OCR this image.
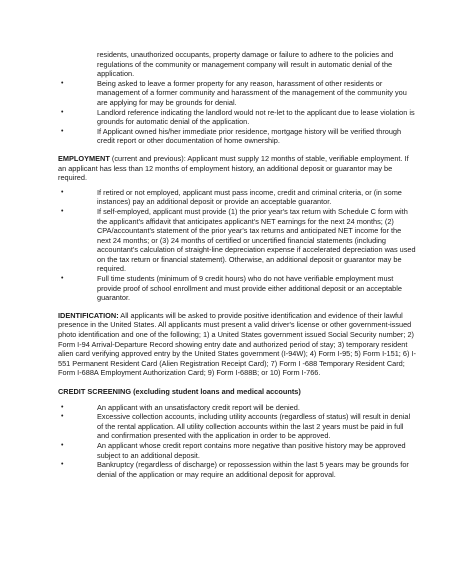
residents, unauthorized occupants, property damage or failure to adhere to the policies and regulations of the community or management company will result in automatic denial of the application.
• Being asked to leave a former property for any reason, harassment of other residents or management of a former community and harassment of the management of the community you are applying for may be grounds for denial.
• Landlord reference indicating the landlord would not re-let to the applicant due to lease violation is grounds for automatic denial of the application.
• If Applicant owned his/her immediate prior residence, mortgage history will be verified through credit report or other documentation of home ownership.

EMPLOYMENT (current and previous): Applicant must supply 12 months of stable, verifiable employment. If an applicant has less than 12 months of employment history, an additional deposit or guarantor may be required.

• If retired or not employed, applicant must pass income, credit and criminal criteria, or (in some instances) pay an additional deposit or provide an acceptable guarantor.
• If self-employed, applicant must provide (1) the prior year's tax return with Schedule C form with the applicant's affidavit that anticipates applicant's NET earnings for the next 24 months; (2) CPA/accountant's statement of the prior year's tax returns and anticipated NET income for the next 24 months; or (3) 24 months of certified or uncertified financial statements (including accountant's calculation of straight-line depreciation expense if accelerated depreciation was used on the tax return or financial statement). Otherwise, an additional deposit or guarantor may be required.
• Full time students (minimum of 9 credit hours) who do not have verifiable employment must provide proof of school enrollment and must provide either additional deposit or an acceptable guarantor.

IDENTIFICATION: All applicants will be asked to provide positive identification and evidence of their lawful presence in the United States. All applicants must present a valid driver's license or other government-issued photo identification and one of the following; 1) a United States government issued Social Security number; 2) Form I-94 Arrival-Departure Record showing entry date and authorized period of stay; 3) temporary resident alien card verifying approved entry by the United States government (I-94W); 4) Form I-95; 5) Form I-151; 6) I-551 Permanent Resident Card (Alien Registration Receipt Card); 7) Form I -688 Temporary Resident Card; Form I-688A Employment Authorization Card; 9) Form I-688B; or 10) Form I-766.

CREDIT SCREENING (excluding student loans and medical accounts)
• An applicant with an unsatisfactory credit report will be denied.
• Excessive collection accounts, including utility accounts (regardless of status) will result in denial of the rental application. All utility collection accounts within the last 2 years must be paid in full and confirmation presented with the application in order to be approved.
• An applicant whose credit report contains more negative than positive history may be approved subject to an additional deposit.
• Bankruptcy (regardless of discharge) or repossession within the last 5 years may be grounds for denial of the application or may require an additional deposit for approval.
